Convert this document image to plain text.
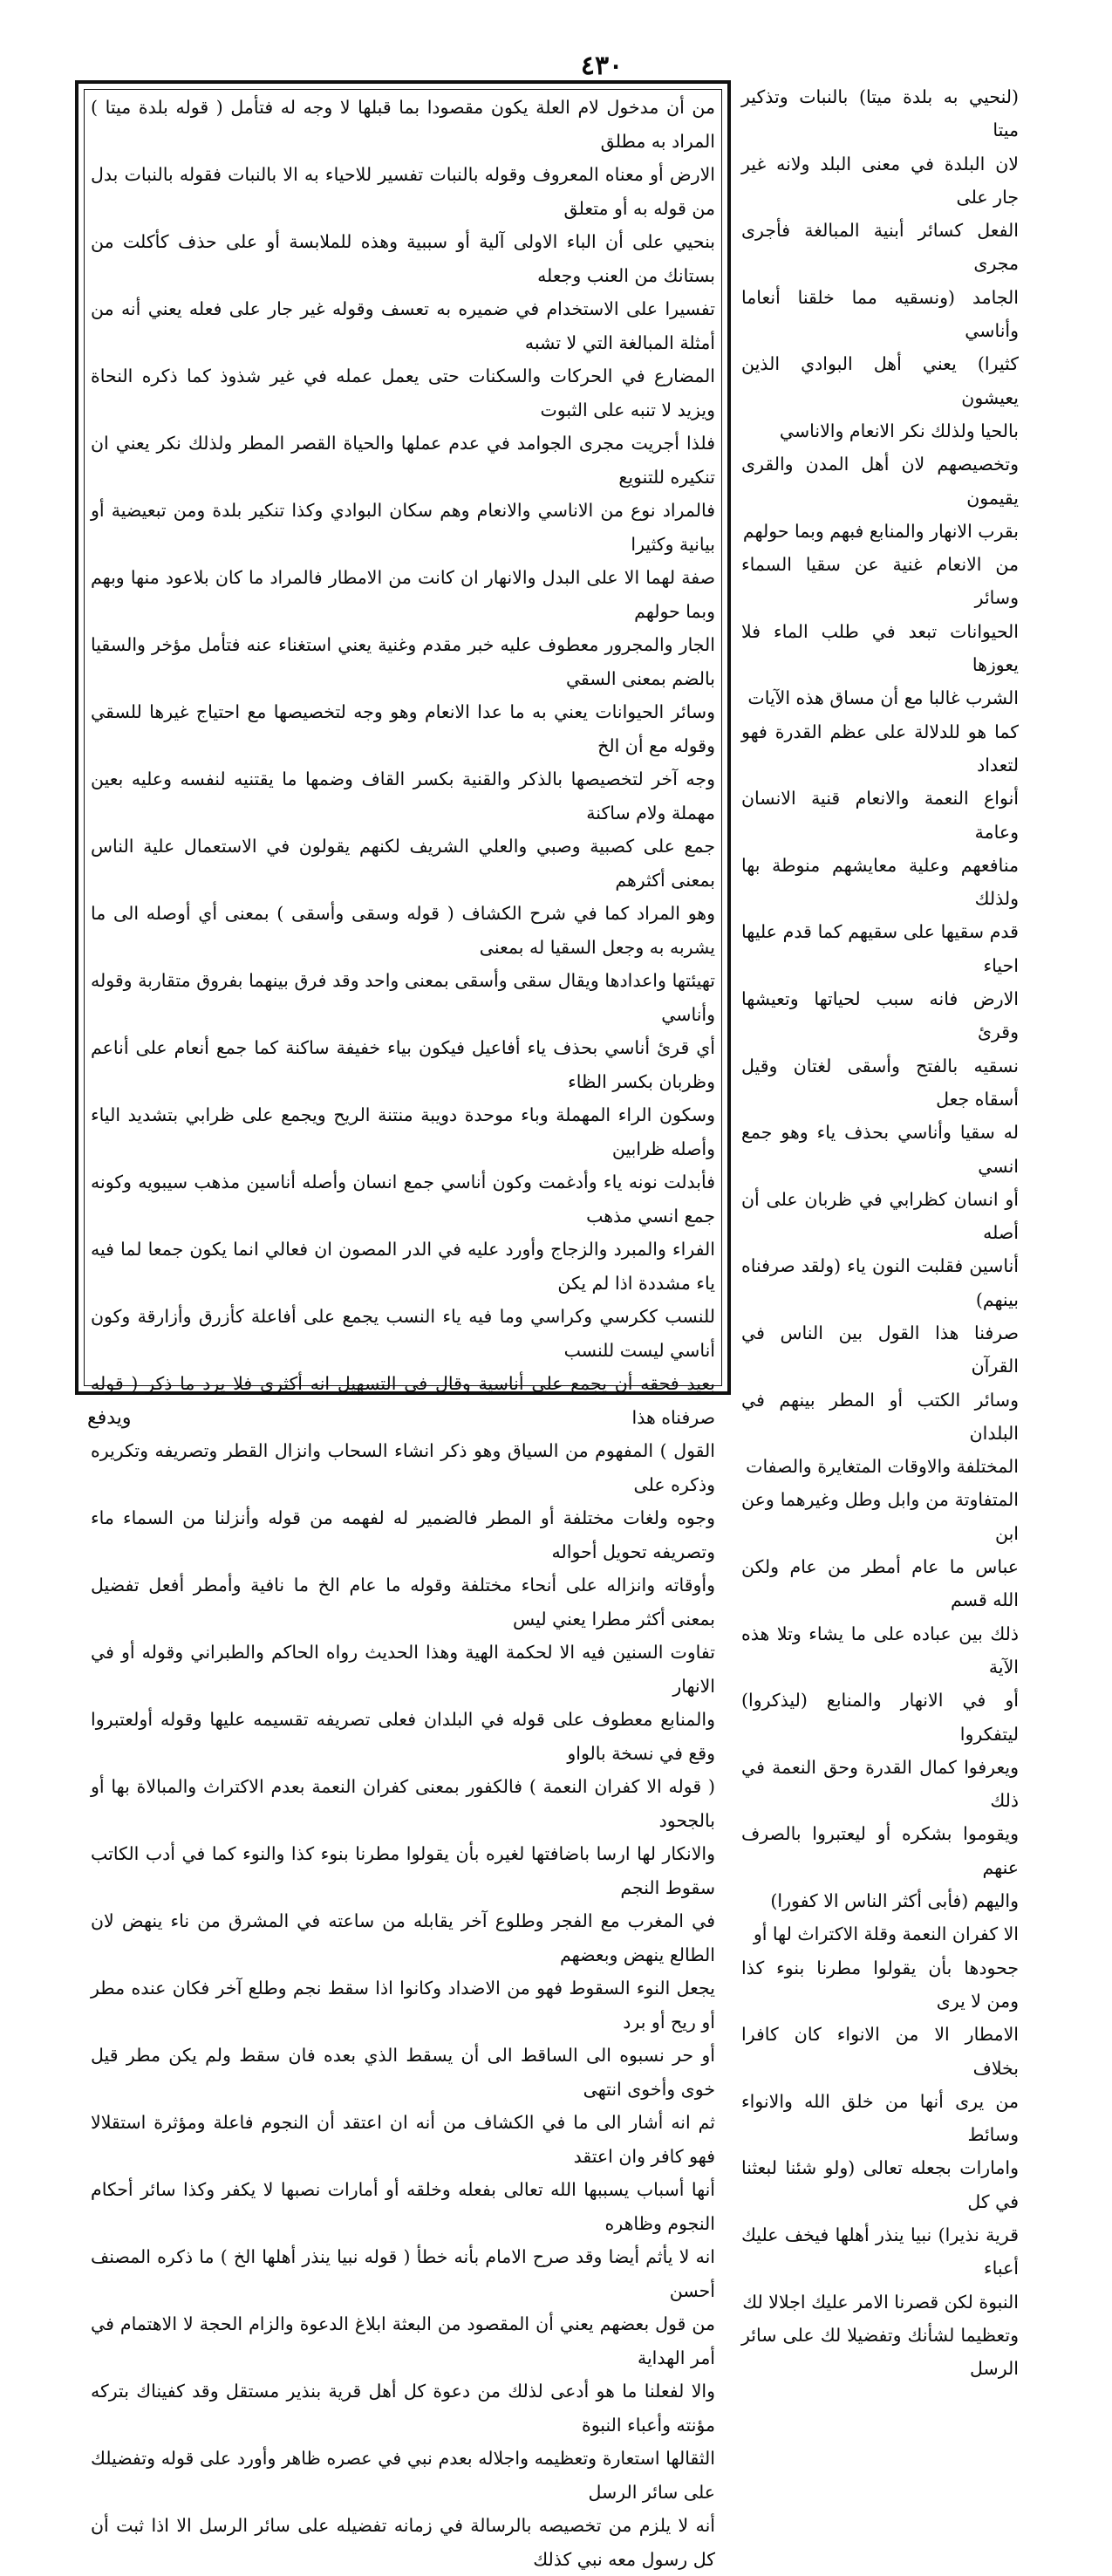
٤٣٠

من أن مدخول لام العلة يكون مقصودا بما قبلها لا وجه له فتأمل ( قوله بلدة ميتا ) المراد به مطلق

الارض أو معناه المعروف وقوله بالنبات تفسير للاحياء به الا بالنبات فقوله بالنبات بدل من قوله به أو متعلق

بنحيي على أن الباء الاولى آلية أو سببية وهذه للملابسة أو على حذف كأكلت من بستانك من العنب وجعله

تفسيرا على الاستخدام في ضميره به تعسف وقوله غير جار على فعله يعني أنه من أمثلة المبالغة التي لا تشبه

المضارع في الحركات والسكنات حتى يعمل عمله في غير شذوذ كما ذكره النحاة ويزيد لا تنبه على الثبوت

فلذا أجريت مجرى الجوامد في عدم عملها والحياة القصر المطر ولذلك نكر يعني ان تنكيره للتنويع

فالمراد نوع من الاناسي والانعام وهم سكان البوادي وكذا تنكير بلدة ومن تبعيضية أو بيانية وكثيرا

صفة لهما الا على البدل والانهار ان كانت من الامطار فالمراد ما كان بلاعود منها وبهم وبما حولهم

الجار والمجرور معطوف عليه خبر مقدم وغنية يعني استغناء عنه فتأمل مؤخر والسقيا بالضم بمعنى السقي

وسائر الحيوانات يعني به ما عدا الانعام وهو وجه لتخصيصها مع احتياج غيرها للسقي وقوله مع أن الخ

وجه آخر لتخصيصها بالذكر والقنية بكسر القاف وضمها ما يقتنيه لنفسه وعليه بعين مهملة ولام ساكنة

جمع على كصبية وصبي والعلي الشريف لكنهم يقولون في الاستعمال علية الناس بمعنى أكثرهم

وهو المراد كما في شرح الكشاف ( قوله وسقى وأسقى ) بمعنى أي أوصله الى ما يشربه به وجعل السقيا له بمعنى

تهيئتها واعدادها ويقال سقى وأسقى بمعنى واحد وقد فرق بينهما بفروق متقاربة وقوله وأناسي

أي قرئ أناسي بحذف ياء أفاعيل فيكون بياء خفيفة ساكنة كما جمع أنعام على أناعم وظربان بكسر الظاء

وسكون الراء المهملة وباء موحدة دويبة منتنة الريح ويجمع على ظرابي بتشديد الياء وأصله ظرابين

فأبدلت نونه ياء وأدغمت وكون أناسي جمع انسان وأصله أناسين مذهب سيبويه وكونه جمع انسي مذهب

الفراء والمبرد والزجاج وأورد عليه في الدر المصون ان فعالي انما يكون جمعا لما فيه ياء مشددة اذا لم يكن

للنسب ككرسي وكراسي وما فيه ياء النسب يجمع على أفاعلة كأزرق وأزارقة وكون أناسي ليست للنسب

بعيد فحقه أن يجمع على أناسية وقال في التسهيل انه أكثري فلا يرد ما ذكر ( قوله صرفناه هذا

القول ) المفهوم من السياق وهو ذكر انشاء السحاب وانزال القطر وتصريفه وتكريره وذكره على

وجوه ولغات مختلفة أو المطر فالضمير له لفهمه من قوله وأنزلنا من السماء ماء وتصريفه تحويل أحواله

وأوقاته وانزاله على أنحاء مختلفة وقوله ما عام الخ ما نافية وأمطر أفعل تفضيل بمعنى أكثر مطرا يعني ليس

تفاوت السنين فيه الا لحكمة الهية وهذا الحديث رواه الحاكم والطبراني وقوله أو في الانهار

والمنابع معطوف على قوله في البلدان فعلى تصريفه تقسيمه عليها وقوله أولعتبروا وقع في نسخة بالواو

( قوله الا كفران النعمة ) فالكفور بمعنى كفران النعمة بعدم الاكتراث والمبالاة بها أو بالجحود

والانكار لها ارسا باضافتها لغيره بأن يقولوا مطرنا بنوء كذا والنوء كما في أدب الكاتب سقوط النجم

في المغرب مع الفجر وطلوع آخر يقابله من ساعته في المشرق من ناء ينهض لان الطالع ينهض وبعضهم

يجعل النوء السقوط فهو من الاضداد وكانوا اذا سقط نجم وطلع آخر فكان عنده مطر أو ريح أو برد

أو حر نسبوه الى الساقط الى أن يسقط الذي بعده فان سقط ولم يكن مطر قيل خوى وأخوى انتهى

ثم انه أشار الى ما في الكشاف من أنه ان اعتقد أن النجوم فاعلة ومؤثرة استقلالا فهو كافر وان اعتقد

أنها أسباب يسببها الله تعالى بفعله وخلقه أو أمارات نصبها لا يكفر وكذا سائر أحكام النجوم وظاهره

انه لا يأثم أيضا وقد صرح الامام بأنه خطأ ( قوله نبيا ينذر أهلها الخ ) ما ذكره المصنف أحسن

من قول بعضهم يعني أن المقصود من البعثة ابلاغ الدعوة والزام الحجة لا الاهتمام في أمر الهداية

والا لفعلنا ما هو أدعى لذلك من دعوة كل أهل قرية بنذير مستقل وقد كفيناك بتركه مؤنته وأعباء النبوة

الثقالها استعارة وتعظيمه واجلاله بعدم نبي في عصره ظاهر وأورد على قوله وتفضيلك على سائر الرسل

أنه لا يلزم من تخصيصه بالرسالة في زمانه تفضيله على سائر الرسل الا اذا ثبت أن كل رسول معه نبي كذلك

(لنحيي به بلدة ميتا) بالنبات وتذكير ميتا

لان البلدة في معنى البلد ولانه غير جار على

الفعل كسائر أبنية المبالغة فأجرى مجرى

الجامد (ونسقيه مما خلقنا أنعاما وأناسي

كثيرا) يعني أهل البوادي الذين يعيشون

بالحيا ولذلك نكر الانعام والاناسي

وتخصيصهم لان أهل المدن والقرى يقيمون

بقرب الانهار والمنابع فبهم وبما حولهم

من الانعام غنية عن سقيا السماء وسائر

الحيوانات تبعد في طلب الماء فلا يعوزها

الشرب غالبا مع أن مساق هذه الآيات

كما هو للدلالة على عظم القدرة فهو لتعداد

أنواع النعمة والانعام قنية الانسان وعامة

منافعهم وعلية معايشهم منوطة بها ولذلك

قدم سقيها على سقيهم كما قدم عليها احياء

الارض فانه سبب لحياتها وتعيشها وقرئ

نسقيه بالفتح وأسقى لغتان وقيل أسقاه جعل

له سقيا وأناسي بحذف ياء وهو جمع انسي

أو انسان كظرابي في ظربان على أن أصله

أناسين فقلبت النون ياء (ولقد صرفناه بينهم)

صرفنا هذا القول بين الناس في القرآن

وسائر الكتب أو المطر بينهم في البلدان

المختلفة والاوقات المتغايرة والصفات

المتفاوتة من وابل وطل وغيرهما وعن ابن

عباس ما عام أمطر من عام ولكن الله قسم

ذلك بين عباده على ما يشاء وتلا هذه الآية

أو في الانهار والمنابع (ليذكروا) ليتفكروا

ويعرفوا كمال القدرة وحق النعمة في ذلك

ويقوموا بشكره أو ليعتبروا بالصرف عنهم

واليهم (فأبى أكثر الناس الا كفورا)

الا كفران النعمة وقلة الاكتراث لها أو

جحودها بأن يقولوا مطرنا بنوء كذا ومن لا يرى

الامطار الا من الانواء كان كافرا بخلاف

من يرى أنها من خلق الله والانواء وسائط

وامارات بجعله تعالى (ولو شئنا لبعثنا في كل

قرية نذيرا) نبيا ينذر أهلها فيخف عليك أعباء

النبوة لكن قصرنا الامر عليك اجلالا لك

وتعظيما لشأنك وتفضيلا لك على سائر الرسل

ويدفع
